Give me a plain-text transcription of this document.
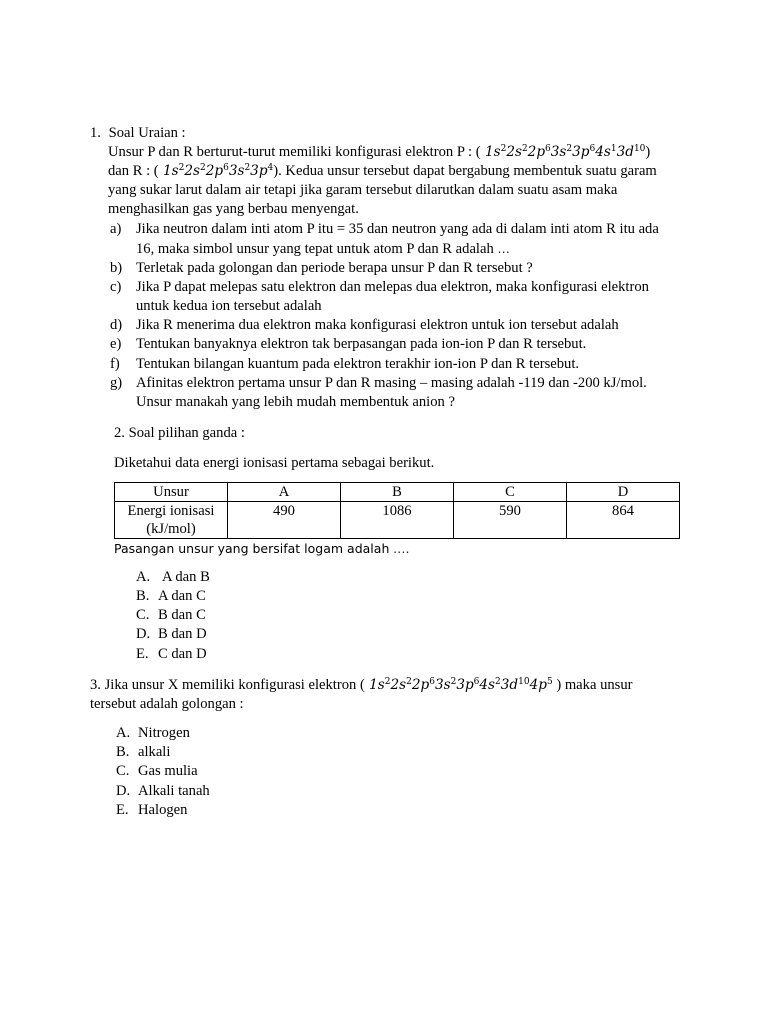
1. Soal Uraian :
Unsur P dan R berturut-turut memiliki konfigurasi elektron P : ( $1s^22s^22p^63s^23p^64s^13d^{10}$)
dan R : ( $1s^22s^22p^63s^23p^4$). Kedua unsur tersebut dapat bergabung membentuk suatu garam
yang sukar larut dalam air tetapi jika garam tersebut dilarutkan dalam suatu asam maka
menghasilkan gas yang berbau menyengat.
a) Jika neutron dalam inti atom P itu = 35 dan neutron yang ada di dalam inti atom R itu ada
16, maka simbol unsur yang tepat untuk atom P dan R adalah …
b) Terletak pada golongan dan periode berapa unsur P dan R tersebut ?
c) Jika P dapat melepas satu elektron dan melepas dua elektron, maka konfigurasi elektron
untuk kedua ion tersebut adalah
d) Jika R menerima dua elektron maka konfigurasi elektron untuk ion tersebut adalah
e) Tentukan banyaknya elektron tak berpasangan pada ion-ion P dan R tersebut.
f) Tentukan bilangan kuantum pada elektron terakhir ion-ion P dan R tersebut.
g) Afinitas elektron pertama unsur P dan R masing – masing adalah -119 dan -200 kJ/mol.
Unsur manakah yang lebih mudah membentuk anion ?
2. Soal pilihan ganda :
Diketahui data energi ionisasi pertama sebagai berikut.
Unsur	A	B	C	D

Energi ionisasi
(kJ/mol)	490	1086	590	864
Pasangan unsur yang bersifat logam adalah ….
A. A dan B
B. A dan C
C. B dan C
D. B dan D
E. C dan D
3. Jika unsur X memiliki konfigurasi elektron ( $1s^22s^22p^63s^23p^64s^23d^{10}4p^5$ ) maka unsur
tersebut adalah golongan :
A. Nitrogen
B. alkali
C. Gas mulia
D. Alkali tanah
E. Halogen
